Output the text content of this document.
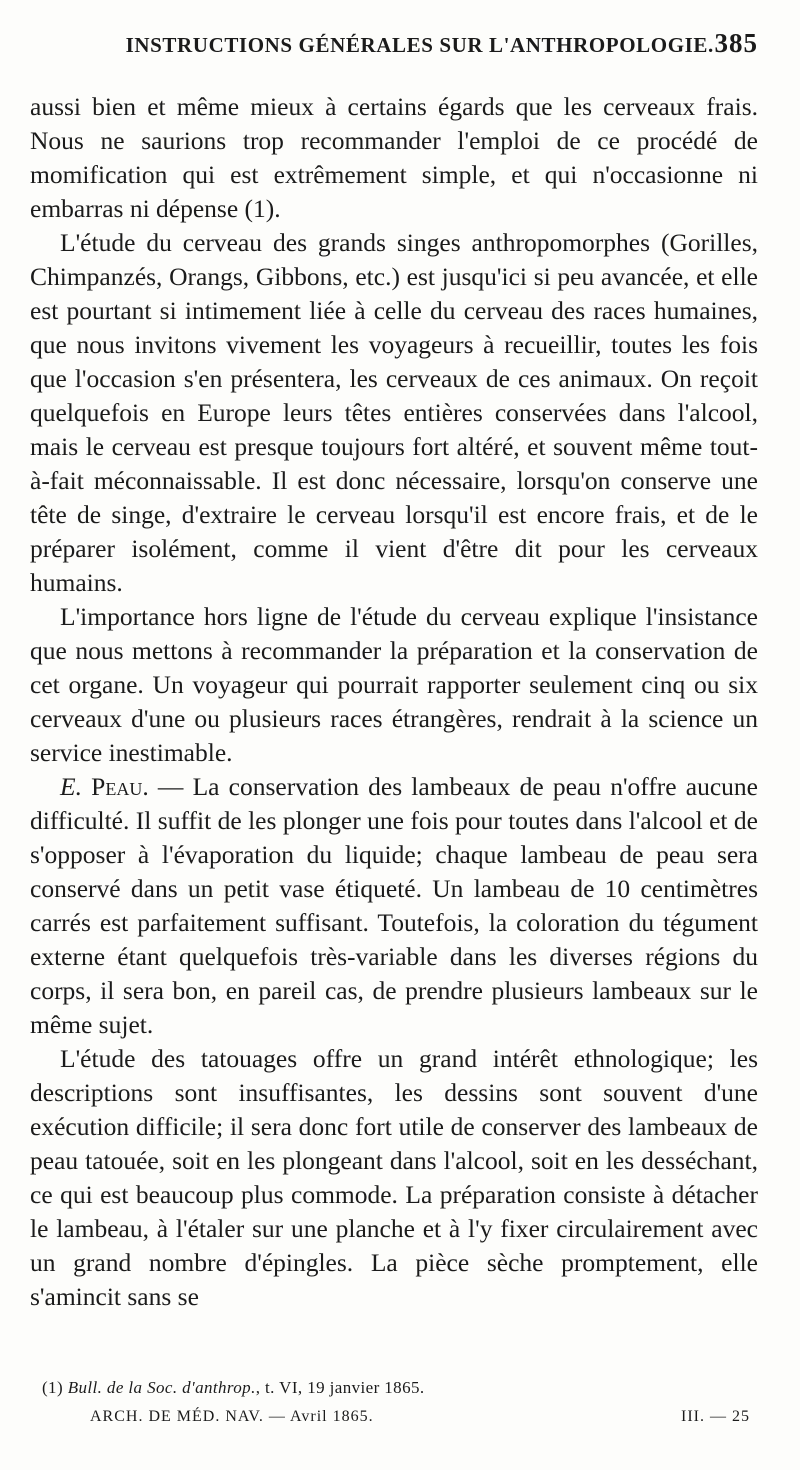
INSTRUCTIONS GÉNÉRALES SUR L'ANTHROPOLOGIE. 385

aussi bien et même mieux à certains égards que les cerveaux frais. Nous ne saurions trop recommander l'emploi de ce procédé de momification qui est extrêmement simple, et qui n'occasionne ni embarras ni dépense (1).

L'étude du cerveau des grands singes anthropomorphes (Gorilles, Chimpanzés, Orangs, Gibbons, etc.) est jusqu'ici si peu avancée, et elle est pourtant si intimement liée à celle du cerveau des races humaines, que nous invitons vivement les voyageurs à recueillir, toutes les fois que l'occasion s'en présentera, les cerveaux de ces animaux. On reçoit quelquefois en Europe leurs têtes entières conservées dans l'alcool, mais le cerveau est presque toujours fort altéré, et souvent même tout-à-fait méconnaissable. Il est donc nécessaire, lorsqu'on conserve une tête de singe, d'extraire le cerveau lorsqu'il est encore frais, et de le préparer isolément, comme il vient d'être dit pour les cerveaux humains.

L'importance hors ligne de l'étude du cerveau explique l'insistance que nous mettons à recommander la préparation et la conservation de cet organe. Un voyageur qui pourrait rapporter seulement cinq ou six cerveaux d'une ou plusieurs races étrangères, rendrait à la science un service inestimable.

E. Peau. — La conservation des lambeaux de peau n'offre aucune difficulté. Il suffit de les plonger une fois pour toutes dans l'alcool et de s'opposer à l'évaporation du liquide; chaque lambeau de peau sera conservé dans un petit vase étiqueté. Un lambeau de 10 centimètres carrés est parfaitement suffisant. Toutefois, la coloration du tégument externe étant quelquefois très-variable dans les diverses régions du corps, il sera bon, en pareil cas, de prendre plusieurs lambeaux sur le même sujet.

L'étude des tatouages offre un grand intérêt ethnologique; les descriptions sont insuffisantes, les dessins sont souvent d'une exécution difficile; il sera donc fort utile de conserver des lambeaux de peau tatouée, soit en les plongeant dans l'alcool, soit en les desséchant, ce qui est beaucoup plus commode. La préparation consiste à détacher le lambeau, à l'étaler sur une planche et à l'y fixer circulairement avec un grand nombre d'épingles. La pièce sèche promptement, elle s'amincit sans se

(1) Bull. de la Soc. d'anthrop., t. VI, 19 janvier 1865.
ARCH. DE MÉD. NAV. — Avril 1865.	III. — 25
